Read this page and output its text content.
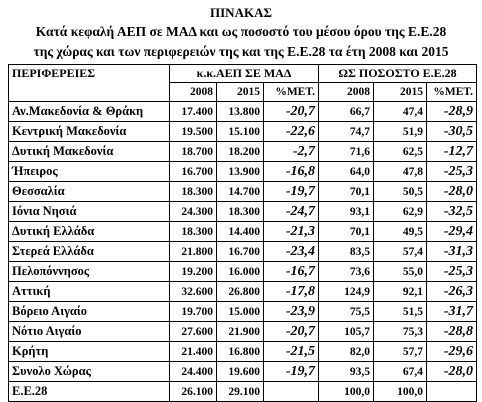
ΠΙΝΑΚΑΣ
Κατά κεφαλή ΑΕΠ σε ΜΑΔ και ως ποσοστό του μέσου όρου της Ε.Ε.28
της χώρας και των περιφερειών της και της Ε.Ε.28 τα έτη 2008 και 2015
ΠΕΡΙΦΕΡΕΙΕΣ	κ.κ.ΑΕΠ ΣΕ ΜΑΔ			ΩΣ ΠΟΣΟΣΤΟ Ε.Ε.28		
	2008	2015	%ΜΕΤ.	2008	2015	%ΜΕΤ.
Αν.Μακεδονία & Θράκη	17.400	13.800	-20,7	66,7	47,4	-28,9
Κεντρική Μακεδονία	19.500	15.100	-22,6	74,7	51,9	-30,5
Δυτική Μακεδονία	18.700	18.200	-2,7	71,6	62,5	-12,7
Ήπειρος	16.700	13.900	-16,8	64,0	47,8	-25,3
Θεσσαλία	18.300	14.700	-19,7	70,1	50,5	-28,0
Ιόνια Νησιά	24.300	18.300	-24,7	93,1	62,9	-32,5
Δυτική Ελλάδα	18.300	14.400	-21,3	70,1	49,5	-29,4
Στερεά Ελλάδα	21.800	16.700	-23,4	83,5	57,4	-31,3
Πελοπόννησος	19.200	16.000	-16,7	73,6	55,0	-25,3
Αττική	32.600	26.800	-17,8	124,9	92,1	-26,3
Βόρειο Αιγαίο	19.700	15.000	-23,9	75,5	51,5	-31,7
Νότιο Αιγαίο	27.600	21.900	-20,7	105,7	75,3	-28,8
Κρήτη	21.400	16.800	-21,5	82,0	57,7	-29,6
Συνολο Χώρας	24.400	19.600	-19,7	93,5	67,4	-28,0
Ε.Ε.28	26.100	29.100		100,0	100,0	
